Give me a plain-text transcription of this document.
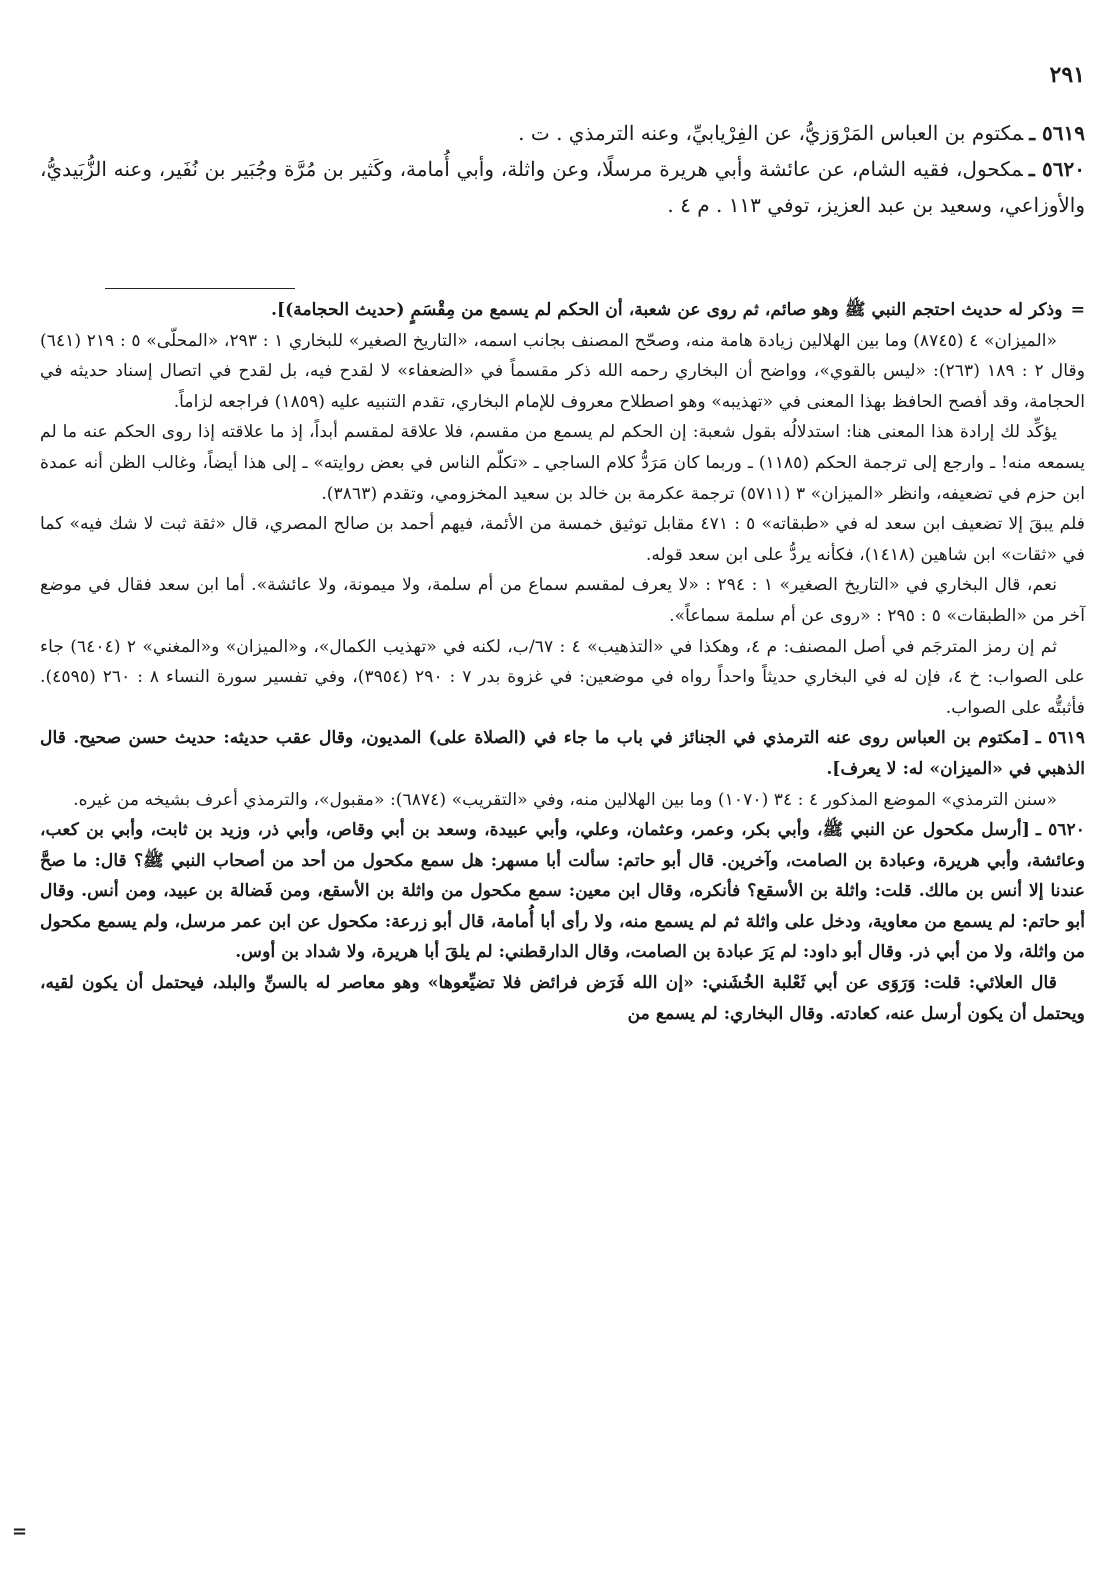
٢٩١

٥٦١٩ ـمكتوم بن العباس المَرْوَزيُّ، عن الفِرْيابيِّ، وعنه الترمذي . ت .

٥٦٢٠ ـمكحول، فقيه الشام، عن عائشة وأبي هريرة مرسلًا، وعن واثلة، وأبي أُمامة، وكَثير بن مُرَّة وجُبَير بن نُفَير، وعنه الزُّبَيديُّ، والأوزاعي، وسعيد بن عبد العزيز، توفي ١١٣ . م ٤ .

=وذكر له حديث احتجم النبي ﷺ وهو صائم، ثم روى عن شعبة، أن الحكم لم يسمع من مِقْسَمٍ (حديث الحجامة)].

«الميزان» ٤ (٨٧٤٥) وما بين الهلالين زيادة هامة منه، وصحّح المصنف بجانب اسمه، «التاريخ الصغير» للبخاري ١ : ٢٩٣، «المحلّى» ٥ : ٢١٩ (٦٤١) وقال ٢ : ١٨٩ (٢٦٣): «ليس بالقوي»، وواضح أن البخاري رحمه الله ذكر مقسماً في «الضعفاء» لا لقدح فيه، بل لقدح في اتصال إسناد حديثه في الحجامة، وقد أفصح الحافظ بهذا المعنى في «تهذيبه» وهو اصطلاح معروف للإمام البخاري، تقدم التنبيه عليه (١٨٥٩) فراجعه لزاماً.

يؤكِّد لك إرادة هذا المعنى هنا: استدلالُه بقول شعبة: إن الحكم لم يسمع من مقسم، فلا علاقة لمقسم أبداً، إذ ما علاقته إذا روى الحكم عنه ما لم يسمعه منه! ـ وارجع إلى ترجمة الحكم (١١٨٥) ـ وربما كان مَرَدُّ كلام الساجي ـ «تكلّم الناس في بعض روايته» ـ إلى هذا أيضاً، وغالب الظن أنه عمدة ابن حزم في تضعيفه، وانظر «الميزان» ٣ (٥٧١١) ترجمة عكرمة بن خالد بن سعيد المخزومي، وتقدم (٣٨٦٣).

فلم يبقَ إلا تضعيف ابن سعد له في «طبقاته» ٥ : ٤٧١ مقابل توثيق خمسة من الأئمة، فيهم أحمد بن صالح المصري، قال «ثقة ثبت لا شك فيه» كما في «ثقات» ابن شاهين (١٤١٨)، فكأنه يردُّ على ابن سعد قوله.

نعم، قال البخاري في «التاريخ الصغير» ١ : ٢٩٤ : «لا يعرف لمقسم سماع من أم سلمة، ولا ميمونة، ولا عائشة». أما ابن سعد فقال في موضع آخر من «الطبقات» ٥ : ٢٩٥ : «روى عن أم سلمة سماعاً».

ثم إن رمز المترجَم في أصل المصنف: م ٤، وهكذا في «التذهيب» ٤ : ٦٧/ب، لكنه في «تهذيب الكمال»، و«الميزان» و«المغني» ٢ (٦٤٠٤) جاء على الصواب: خ ٤، فإن له في البخاري حديثاً واحداً رواه في موضعين: في غزوة بدر ٧ : ٢٩٠ (٣٩٥٤)، وفي تفسير سورة النساء ٨ : ٢٦٠ (٤٥٩٥). فأثبتُّه على الصواب.

٥٦١٩ ـ[مكتوم بن العباس روى عنه الترمذي في الجنائز في باب ما جاء في (الصلاة على) المديون، وقال عقب حديثه: حديث حسن صحيح. قال الذهبي في «الميزان» له: لا يعرف].

«سنن الترمذي» الموضع المذكور ٤ : ٣٤ (١٠٧٠) وما بين الهلالين منه، وفي «التقريب» (٦٨٧٤): «مقبول»، والترمذي أعرف بشيخه من غيره.

٥٦٢٠ ـ[أرسل مكحول عن النبي ﷺ، وأبي بكر، وعمر، وعثمان، وعلي، وأبي عبيدة، وسعد بن أبي وقاص، وأبي ذر، وزيد بن ثابت، وأبي بن كعب، وعائشة، وأبي هريرة، وعبادة بن الصامت، وآخرين. قال أبو حاتم: سألت أبا مسهر: هل سمع مكحول من أحد من أصحاب النبي ﷺ؟ قال: ما صحَّ عندنا إلا أنس بن مالك. قلت: واثلة بن الأسقع؟ فأنكره، وقال ابن معين: سمع مكحول من واثلة بن الأسقع، ومن فَضالة بن عبيد، ومن أنس. وقال أبو حاتم: لم يسمع من معاوية، ودخل على واثلة ثم لم يسمع منه، ولا رأى أبا أُمامة، قال أبو زرعة: مكحول عن ابن عمر مرسل، ولم يسمع مكحول من واثلة، ولا من أبي ذر. وقال أبو داود: لم يَرَ عبادة بن الصامت، وقال الدارقطني: لم يلقَ أبا هريرة، ولا شداد بن أوس.

قال العلائي: قلت: وَرَوَى عن أبي ثَعْلبة الخُشَني: «إن الله فَرَض فرائض فلا تضيِّعوها» وهو معاصر له بالسنِّ والبلد، فيحتمل أن يكون لقيه، ويحتمل أن يكون أرسل عنه، كعادته. وقال البخاري: لم يسمع من

=
